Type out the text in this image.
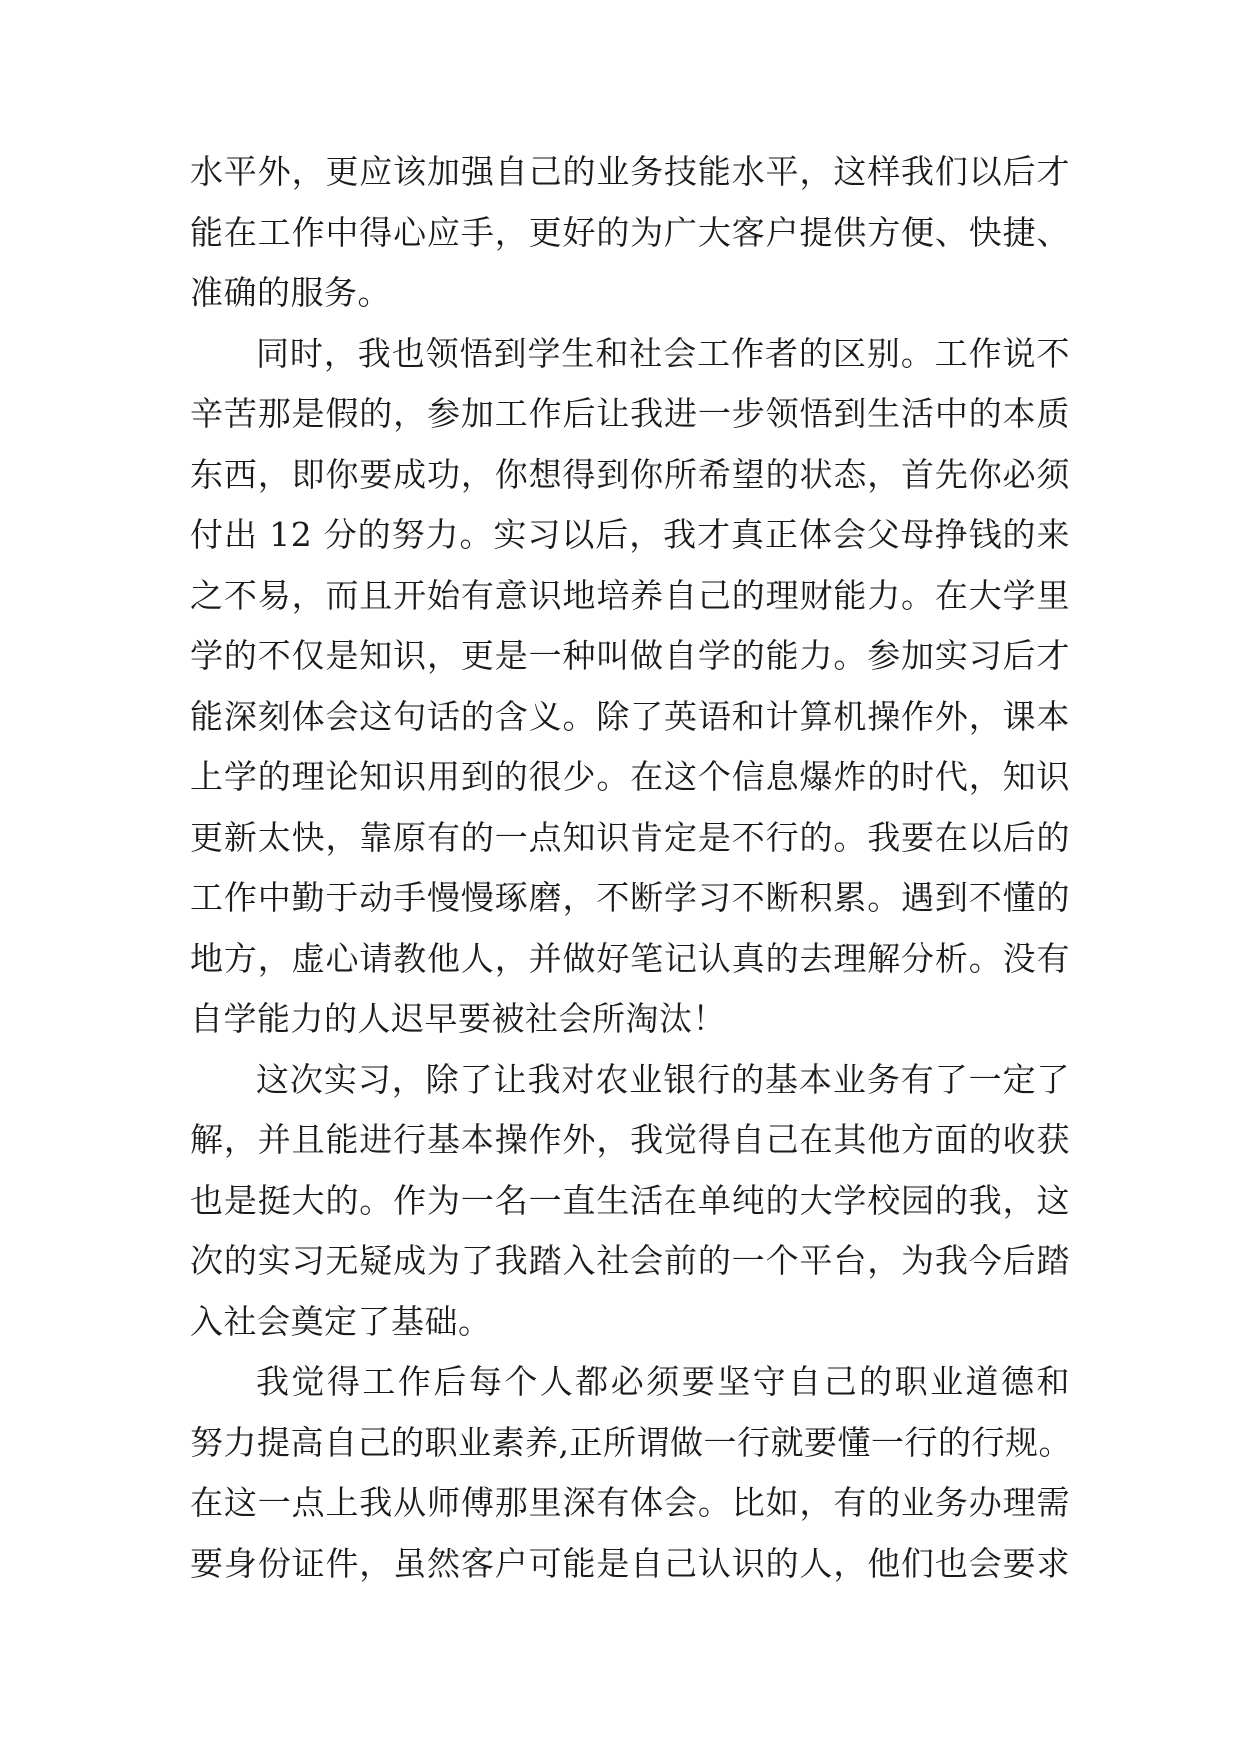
水平外，更应该加强自己的业务技能水平，这样我们以后才
能在工作中得心应手，更好的为广大客户提供方便、快捷、
准确的服务。
同时，我也领悟到学生和社会工作者的区别。工作说不
辛苦那是假的，参加工作后让我进一步领悟到生活中的本质
东西，即你要成功，你想得到你所希望的状态，首先你必须
付出 12 分的努力。实习以后，我才真正体会父母挣钱的来
之不易，而且开始有意识地培养自己的理财能力。在大学里
学的不仅是知识，更是一种叫做自学的能力。参加实习后才
能深刻体会这句话的含义。除了英语和计算机操作外，课本
上学的理论知识用到的很少。在这个信息爆炸的时代，知识
更新太快，靠原有的一点知识肯定是不行的。我要在以后的
工作中勤于动手慢慢琢磨，不断学习不断积累。遇到不懂的
地方，虚心请教他人，并做好笔记认真的去理解分析。没有
自学能力的人迟早要被社会所淘汰！
这次实习，除了让我对农业银行的基本业务有了一定了
解，并且能进行基本操作外，我觉得自己在其他方面的收获
也是挺大的。作为一名一直生活在单纯的大学校园的我，这
次的实习无疑成为了我踏入社会前的一个平台，为我今后踏
入社会奠定了基础。
我觉得工作后每个人都必须要坚守自己的职业道德和
努力提高自己的职业素养,正所谓做一行就要懂一行的行规。
在这一点上我从师傅那里深有体会。比如，有的业务办理需
要身份证件，虽然客户可能是自己认识的人，他们也会要求
